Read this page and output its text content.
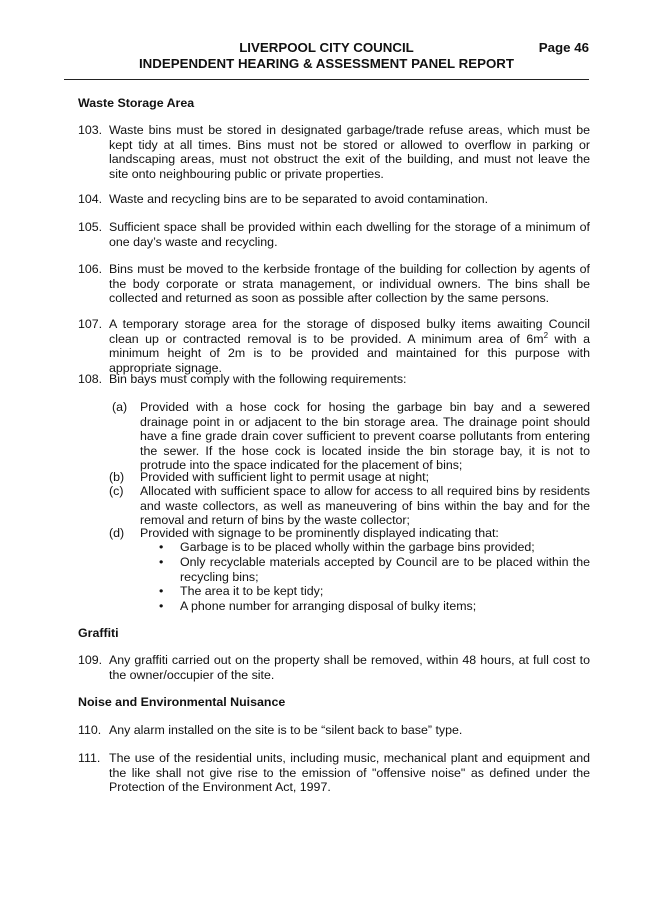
LIVERPOOL CITY COUNCIL	Page 46
INDEPENDENT HEARING & ASSESSMENT PANEL REPORT
Waste Storage Area
103. Waste bins must be stored in designated garbage/trade refuse areas, which must be kept tidy at all times. Bins must not be stored or allowed to overflow in parking or landscaping areas, must not obstruct the exit of the building, and must not leave the site onto neighbouring public or private properties.
104. Waste and recycling bins are to be separated to avoid contamination.
105. Sufficient space shall be provided within each dwelling for the storage of a minimum of one day’s waste and recycling.
106. Bins must be moved to the kerbside frontage of the building for collection by agents of the body corporate or strata management, or individual owners. The bins shall be collected and returned as soon as possible after collection by the same persons.
107. A temporary storage area for the storage of disposed bulky items awaiting Council clean up or contracted removal is to be provided. A minimum area of $6m^2$ with a minimum height of 2m is to be provided and maintained for this purpose with appropriate signage.
108. Bin bays must comply with the following requirements:
(a) Provided with a hose cock for hosing the garbage bin bay and a sewered drainage point in or adjacent to the bin storage area. The drainage point should have a fine grade drain cover sufficient to prevent coarse pollutants from entering the sewer. If the hose cock is located inside the bin storage bay, it is not to protrude into the space indicated for the placement of bins;
(b) Provided with sufficient light to permit usage at night;
(c) Allocated with sufficient space to allow for access to all required bins by residents and waste collectors, as well as maneuvering of bins within the bay and for the removal and return of bins by the waste collector;
(d) Provided with signage to be prominently displayed indicating that:
• Garbage is to be placed wholly within the garbage bins provided;
• Only recyclable materials accepted by Council are to be placed within the recycling bins;
• The area it to be kept tidy;
• A phone number for arranging disposal of bulky items;
Graffiti
109. Any graffiti carried out on the property shall be removed, within 48 hours, at full cost to the owner/occupier of the site.
Noise and Environmental Nuisance
110. Any alarm installed on the site is to be “silent back to base” type.
111. The use of the residential units, including music, mechanical plant and equipment and the like shall not give rise to the emission of "offensive noise" as defined under the Protection of the Environment Act, 1997.
